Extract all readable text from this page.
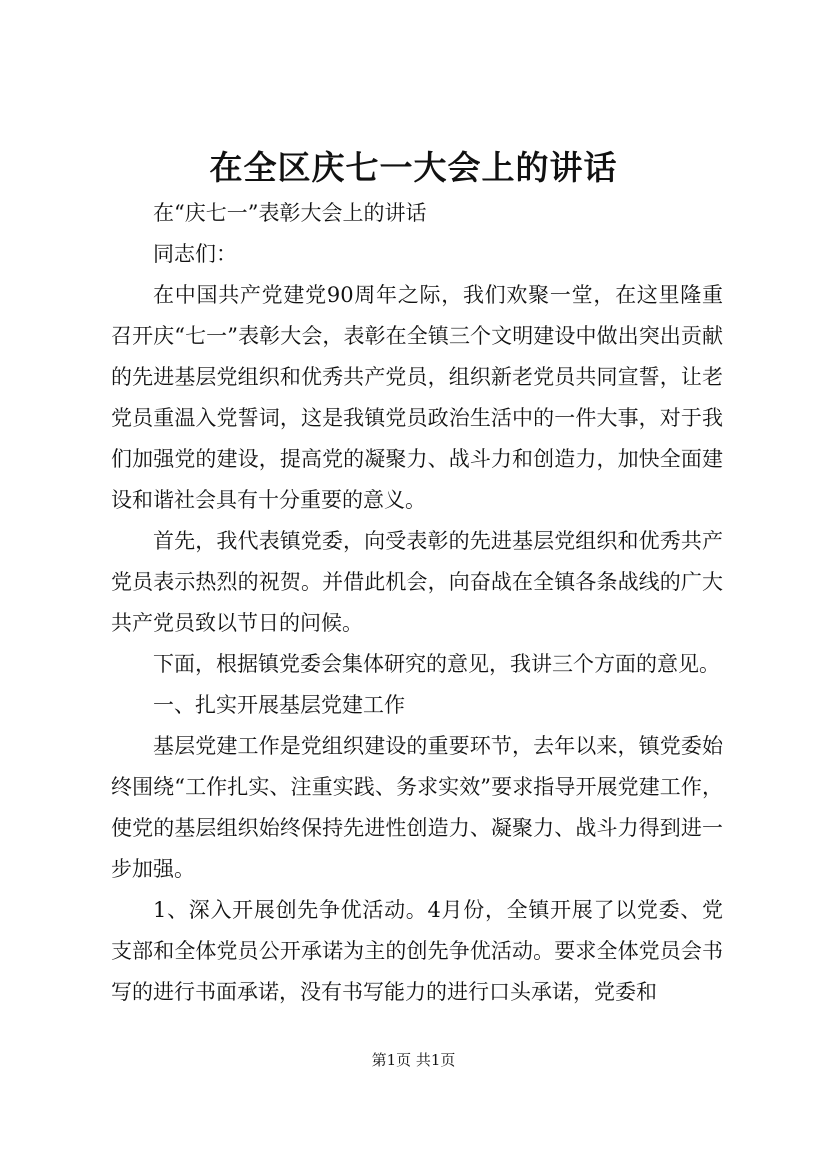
在全区庆七一大会上的讲话

在“庆七一”表彰大会上的讲话

同志们：

在中国共产党建党90周年之际，我们欢聚一堂，在这里隆重召开庆“七一”表彰大会，表彰在全镇三个文明建设中做出突出贡献的先进基层党组织和优秀共产党员，组织新老党员共同宣誓，让老党员重温入党誓词，这是我镇党员政治生活中的一件大事，对于我们加强党的建设，提高党的凝聚力、战斗力和创造力，加快全面建设和谐社会具有十分重要的意义。

首先，我代表镇党委，向受表彰的先进基层党组织和优秀共产党员表示热烈的祝贺。并借此机会，向奋战在全镇各条战线的广大共产党员致以节日的问候。

下面，根据镇党委会集体研究的意见，我讲三个方面的意见。

一、扎实开展基层党建工作

基层党建工作是党组织建设的重要环节，去年以来，镇党委始终围绕“工作扎实、注重实践、务求实效”要求指导开展党建工作，使党的基层组织始终保持先进性创造力、凝聚力、战斗力得到进一步加强。

1、深入开展创先争优活动。4月份，全镇开展了以党委、党支部和全体党员公开承诺为主的创先争优活动。要求全体党员会书写的进行书面承诺，没有书写能力的进行口头承诺，党委和

第1页 共1页
